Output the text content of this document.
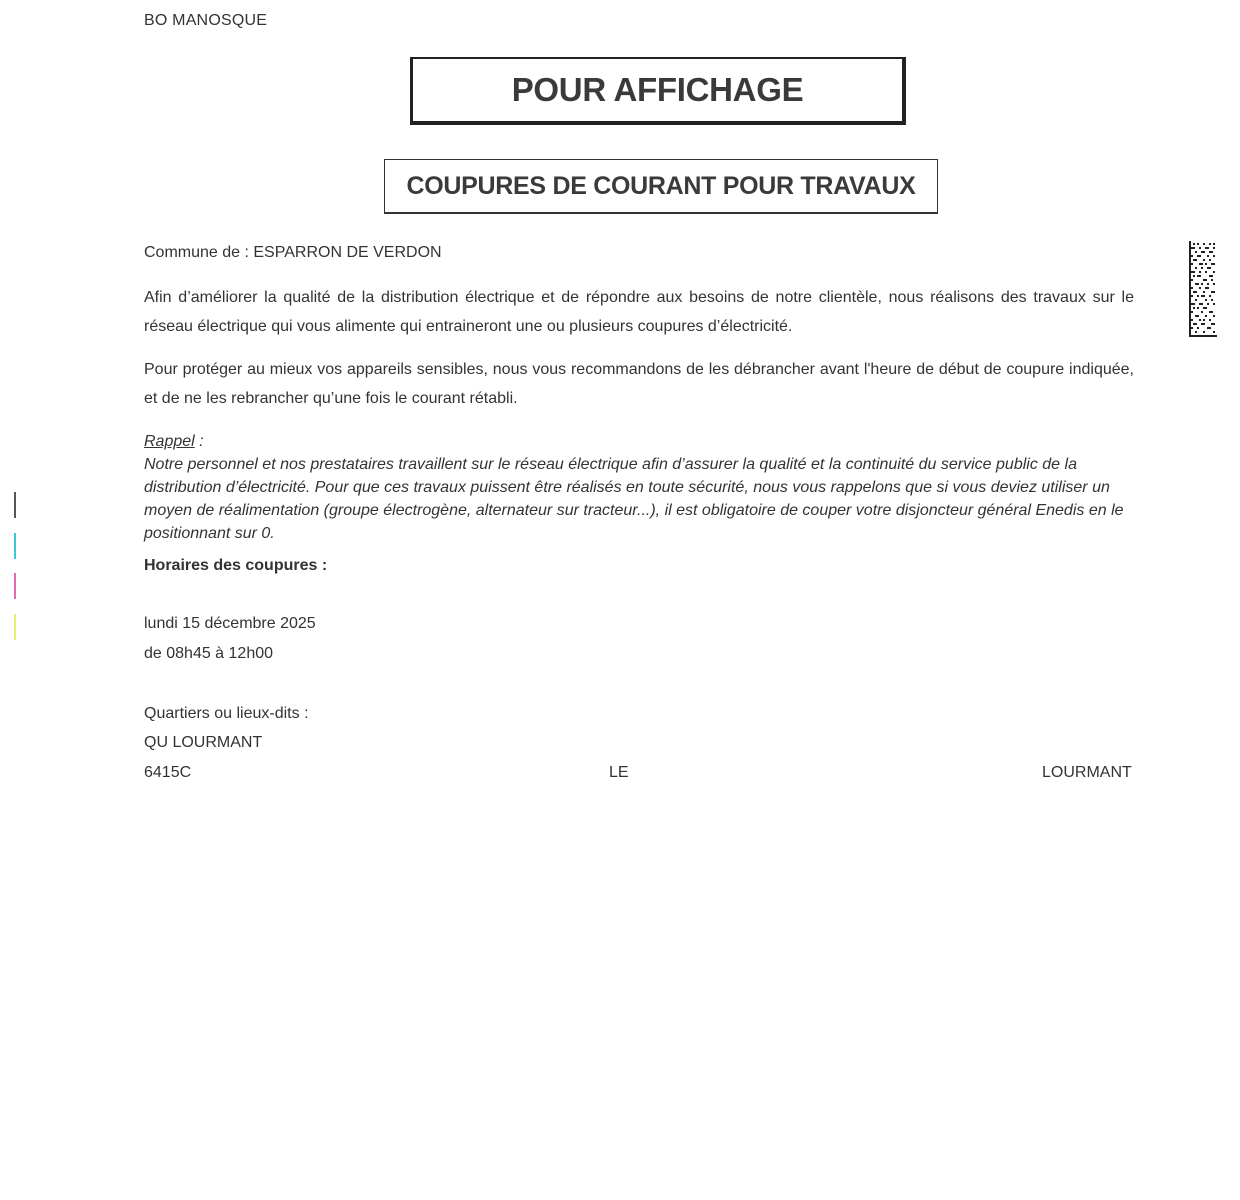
BO MANOSQUE
POUR AFFICHAGE
COUPURES DE COURANT POUR TRAVAUX
Commune de : ESPARRON DE VERDON
Afin d’améliorer la qualité de la distribution électrique et de répondre aux besoins de notre clientèle, nous réalisons des travaux sur le réseau électrique qui vous alimente qui entraineront une ou plusieurs coupures d’électricité.
Pour protéger au mieux vos appareils sensibles, nous vous recommandons de les débrancher avant l'heure de début de coupure indiquée, et de ne les rebrancher qu’une fois le courant rétabli.
Rappel :
Notre personnel et nos prestataires travaillent sur le réseau électrique afin d’assurer la qualité et la continuité du service public de la distribution d’électricité. Pour que ces travaux puissent être réalisés en toute sécurité, nous vous rappelons que si vous deviez utiliser un moyen de réalimentation (groupe électrogène, alternateur sur tracteur...), il est obligatoire de couper votre disjoncteur général Enedis en le positionnant sur 0.
Horaires des coupures :
lundi 15 décembre 2025
de 08h45 à 12h00
Quartiers ou lieux-dits :
QU LOURMANT
6415C	LE	LOURMANT
